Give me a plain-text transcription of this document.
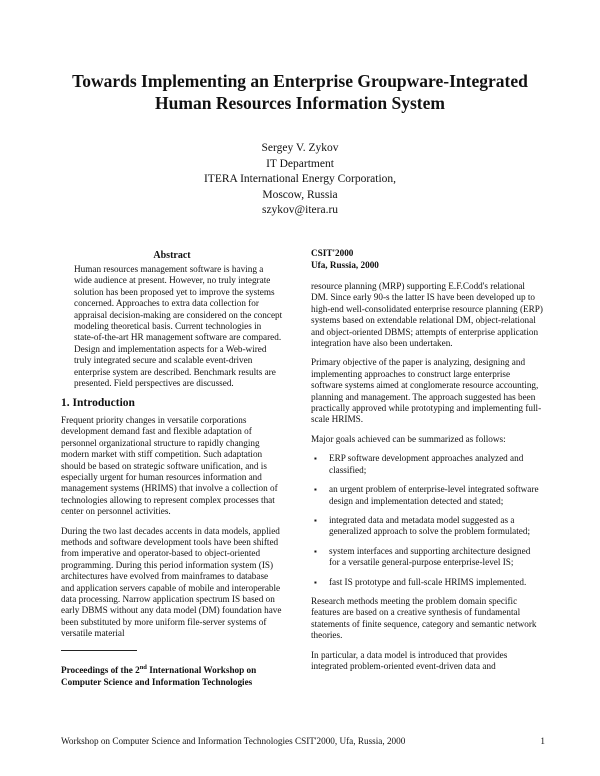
Towards Implementing an Enterprise Groupware-Integrated
Human Resources Information System
Sergey V. Zykov
IT Department
ITERA International Energy Corporation,
Moscow, Russia
szykov@itera.ru
Abstract

Human resources management software is having a wide audience at present. However, no truly integrate solution has been proposed yet to improve the systems concerned. Approaches to extra data collection for appraisal decision-making are considered on the concept modeling theoretical basis. Current technologies in state-of-the-art HR management software are compared. Design and implementation aspects for a Web-wired truly integrated secure and scalable event-driven enterprise system are described. Benchmark results are presented. Field perspectives are discussed.

1. Introduction

Frequent priority changes in versatile corporations development demand fast and flexible adaptation of personnel organizational structure to rapidly changing modern market with stiff competition. Such adaptation should be based on strategic software unification, and is especially urgent for human resources information and management systems (HRIMS) that involve a collection of technologies allowing to represent complex processes that center on personnel activities.

During the two last decades accents in data models, applied methods and software development tools have been shifted from imperative and operator-based to object-oriented programming. During this period information system (IS) architectures have evolved from mainframes to database and application servers capable of mobile and interoperable data processing. Narrow application spectrum IS based on early DBMS without any data model (DM) foundation have been substituted by more uniform file-server systems of versatile material

CSIT'2000
Ufa, Russia, 2000

resource planning (MRP) supporting E.F.Codd's relational DM. Since early 90-s the latter IS have been developed up to high-end well-consolidated enterprise resource planning (ERP) systems based on extendable relational DM, object-relational and object-oriented DBMS; attempts of enterprise application integration have also been undertaken.

Primary objective of the paper is analyzing, designing and implementing approaches to construct large enterprise software systems aimed at conglomerate resource accounting, planning and management. The approach suggested has been practically approved while prototyping and implementing full-scale HRIMS.

Major goals achieved can be summarized as follows:

▪ ERP software development approaches analyzed and classified;
▪ an urgent problem of enterprise-level integrated software design and implementation detected and stated;
▪ integrated data and metadata model suggested as a generalized approach to solve the problem formulated;
▪ system interfaces and supporting architecture designed for a versatile general-purpose enterprise-level IS;
▪ fast IS prototype and full-scale HRIMS implemented.

Research methods meeting the problem domain specific features are based on a creative synthesis of fundamental statements of finite sequence, category and semantic network theories.

In particular, a data model is introduced that provides integrated problem-oriented event-driven data and

Proceedings of the 2nd International Workshop on Computer Science and Information Technologies
Workshop on Computer Science and Information Technologies CSIT'2000, Ufa, Russia, 2000	1
